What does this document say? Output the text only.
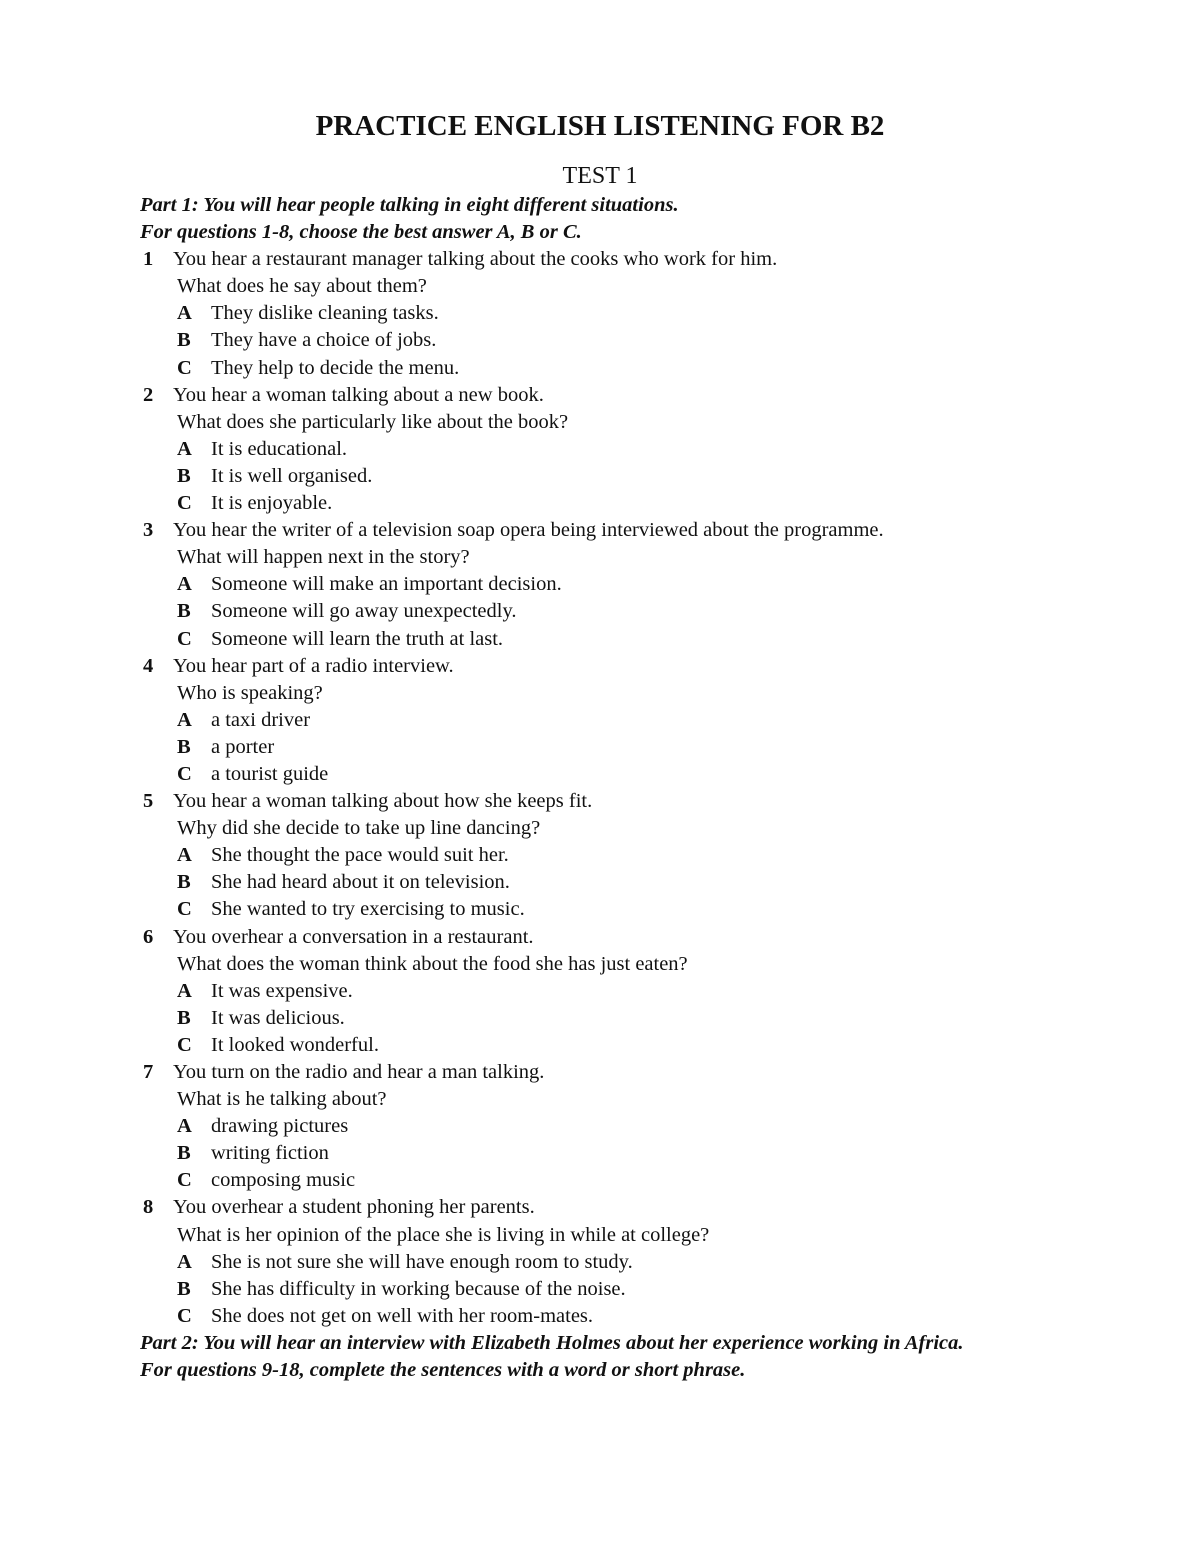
PRACTICE ENGLISH LISTENING FOR B2
TEST 1
Part 1: You will hear people talking in eight different situations.
For questions 1-8, choose the best answer A, B or C.
1 You hear a restaurant manager talking about the cooks who work for him.
What does he say about them?
A They dislike cleaning tasks.
B They have a choice of jobs.
C They help to decide the menu.
2 You hear a woman talking about a new book.
What does she particularly like about the book?
A It is educational.
B It is well organised.
C It is enjoyable.
3 You hear the writer of a television soap opera being interviewed about the programme.
What will happen next in the story?
A Someone will make an important decision.
B Someone will go away unexpectedly.
C Someone will learn the truth at last.
4 You hear part of a radio interview.
Who is speaking?
A a taxi driver
B a porter
C a tourist guide
5 You hear a woman talking about how she keeps fit.
Why did she decide to take up line dancing?
A She thought the pace would suit her.
B She had heard about it on television.
C She wanted to try exercising to music.
6 You overhear a conversation in a restaurant.
What does the woman think about the food she has just eaten?
A It was expensive.
B It was delicious.
C It looked wonderful.
7 You turn on the radio and hear a man talking.
What is he talking about?
A drawing pictures
B writing fiction
C composing music
8 You overhear a student phoning her parents.
What is her opinion of the place she is living in while at college?
A She is not sure she will have enough room to study.
B She has difficulty in working because of the noise.
C She does not get on well with her room-mates.
Part 2: You will hear an interview with Elizabeth Holmes about her experience working in Africa.
For questions 9-18, complete the sentences with a word or short phrase.
